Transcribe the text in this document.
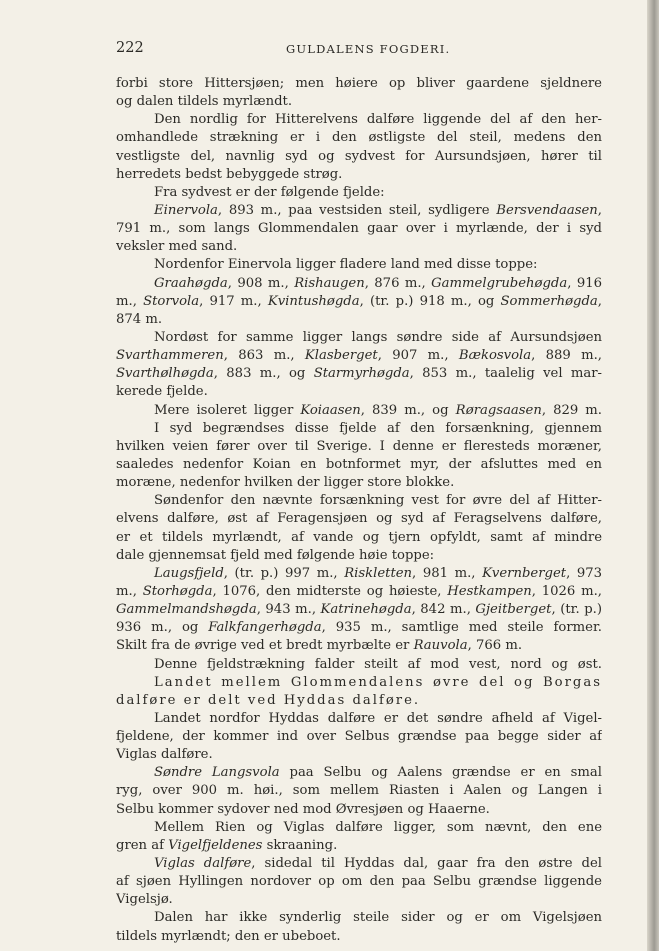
222	GULDALENS FOGDERI.
forbi store Hittersjøen; men høiere op bliver gaardene sjeldnere
og dalen tildels myrlændt.
Den nordlig for Hitterelvens dalføre liggende del af den her-
omhandlede strækning er i den østligste del steil, medens den
vestligste del, navnlig syd og sydvest for Aursundsjøen, hører til
herredets bedst bebyggede strøg.
Fra sydvest er der følgende fjelde:
Einervola, 893 m., paa vestsiden steil, sydligere Bersvendaasen,
791 m., som langs Glommendalen gaar over i myrlænde, der i syd
veksler med sand.
Nordenfor Einervola ligger fladere land med disse toppe:
Graahøgda, 908 m., Rishaugen, 876 m., Gammelgrubehøgda, 916
m., Storvola, 917 m., Kvintushøgda, (tr. p.) 918 m., og Sommerhøgda,
874 m.
Nordøst for samme ligger langs søndre side af Aursundsjøen
Svarthammeren, 863 m., Klasberget, 907 m., Bækosvola, 889 m.,
Svarthølhøgda, 883 m., og Starmyrhøgda, 853 m., taalelig vel mar-
kerede fjelde.
Mere isoleret ligger Koiaasen, 839 m., og Røragsaasen, 829 m.
I syd begrændses disse fjelde af den forsænkning, gjennem
hvilken veien fører over til Sverige. I denne er fleresteds moræner,
saaledes nedenfor Koian en botnformet myr, der afsluttes med en
moræne, nedenfor hvilken der ligger store blokke.
Søndenfor den nævnte forsænkning vest for øvre del af Hitter-
elvens dalføre, øst af Feragensjøen og syd af Feragselvens dalføre,
er et tildels myrlændt, af vande og tjern opfyldt, samt af mindre
dale gjennemsat fjeld med følgende høie toppe:
Laugsfjeld, (tr. p.) 997 m., Riskletten, 981 m., Kvernberget, 973
m., Storhøgda, 1076, den midterste og høieste, Hestkampen, 1026 m.,
Gammelmandshøgda, 943 m., Katrinehøgda, 842 m., Gjeitberget, (tr. p.)
936 m., og Falkfangerhøgda, 935 m., samtlige med steile former.
Skilt fra de øvrige ved et bredt myrbælte er Rauvola, 766 m.
Denne fjeldstrækning falder steilt af mod vest, nord og øst.
Landet mellem Glommendalens øvre del og Borgas
dalføre er delt ved Hyddas dalføre.
Landet nordfor Hyddas dalføre er det søndre afheld af Vigel-
fjeldene, der kommer ind over Selbus grændse paa begge sider af
Viglas dalføre.
Søndre Langsvola paa Selbu og Aalens grændse er en smal
ryg, over 900 m. høi., som mellem Riasten i Aalen og Langen i
Selbu kommer sydover ned mod Øvresjøen og Haaerne.
Mellem Rien og Viglas dalføre ligger, som nævnt, den ene
gren af Vigelfjeldenes skraaning.
Viglas dalføre, sidedal til Hyddas dal, gaar fra den østre del
af sjøen Hyllingen nordover op om den paa Selbu grændse liggende
Vigelsjø.
Dalen har ikke synderlig steile sider og er om Vigelsjøen
tildels myrlændt; den er ubeboet.
